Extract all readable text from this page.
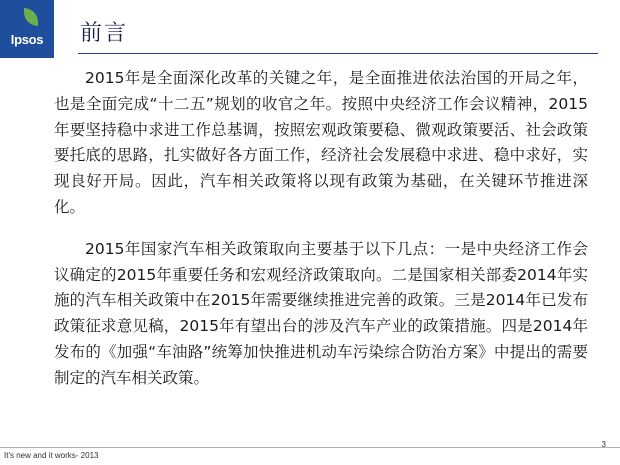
Ipsos	前言

2015年是全面深化改革的关键之年，是全面推进依法治国的开局之年，也是全面完成“十二五”规划的收官之年。按照中央经济工作会议精神，2015年要坚持稳中求进工作总基调，按照宏观政策要稳、微观政策要活、社会政策要托底的思路，扎实做好各方面工作，经济社会发展稳中求进、稳中求好，实现良好开局。因此，汽车相关政策将以现有政策为基础，在关键环节推进深化。

2015年国家汽车相关政策取向主要基于以下几点：一是中央经济工作会议确定的2015年重要任务和宏观经济政策取向。二是国家相关部委2014年实施的汽车相关政策中在2015年需要继续推进完善的政策。三是2014年已发布政策征求意见稿，2015年有望出台的涉及汽车产业的政策措施。四是2014年发布的《加强“车油路”统筹加快推进机动车污染综合防治方案》中提出的需要制定的汽车相关政策。

It's new and it works- 2013
3
